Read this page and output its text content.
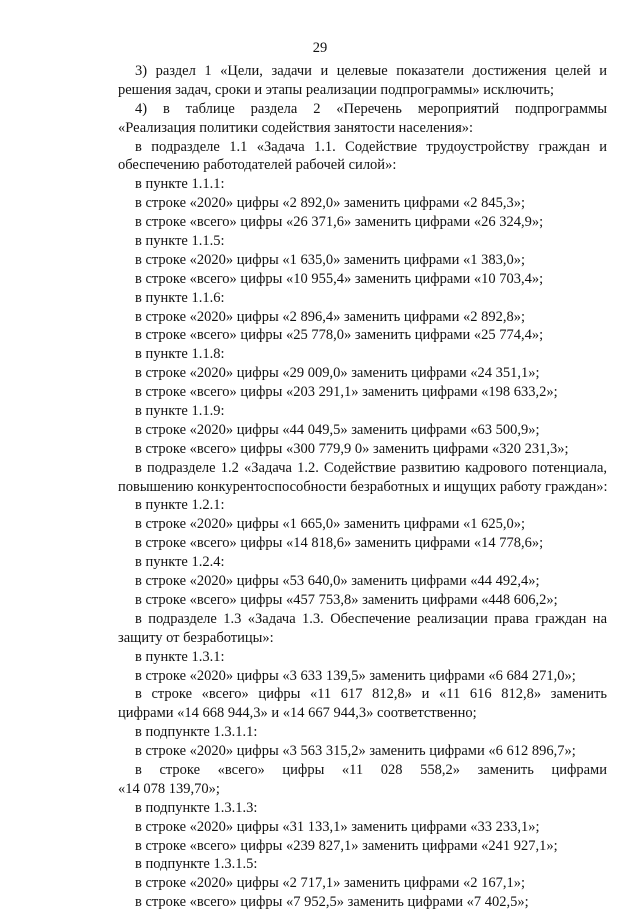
29
3) раздел 1 «Цели, задачи и целевые показатели достижения целей и
решения задач, сроки и этапы реализации подпрограммы» исключить;
4) в таблице раздела 2 «Перечень мероприятий подпрограммы
«Реализация политики содействия занятости населения»:
в подразделе 1.1 «Задача 1.1. Содействие трудоустройству граждан и
обеспечению работодателей рабочей силой»:
в пункте 1.1.1:
в строке «2020» цифры «2 892,0» заменить цифрами «2 845,3»;
в строке «всего» цифры «26 371,6» заменить цифрами «26 324,9»;
в пункте 1.1.5:
в строке «2020» цифры «1 635,0» заменить цифрами «1 383,0»;
в строке «всего» цифры «10 955,4» заменить цифрами «10 703,4»;
в пункте 1.1.6:
в строке «2020» цифры «2 896,4» заменить цифрами «2 892,8»;
в строке «всего» цифры «25 778,0» заменить цифрами «25 774,4»;
в пункте 1.1.8:
в строке «2020» цифры «29 009,0» заменить цифрами «24 351,1»;
в строке «всего» цифры «203 291,1» заменить цифрами «198 633,2»;
в пункте 1.1.9:
в строке «2020» цифры «44 049,5» заменить цифрами «63 500,9»;
в строке «всего» цифры «300 779,9 0» заменить цифрами «320 231,3»;
в подразделе 1.2 «Задача 1.2. Содействие развитию кадрового потенциала,
повышению конкурентоспособности безработных и ищущих работу граждан»:
в пункте 1.2.1:
в строке «2020» цифры «1 665,0» заменить цифрами «1 625,0»;
в строке «всего» цифры «14 818,6» заменить цифрами «14 778,6»;
в пункте 1.2.4:
в строке «2020» цифры «53 640,0» заменить цифрами «44 492,4»;
в строке «всего» цифры «457 753,8» заменить цифрами «448 606,2»;
в подразделе 1.3 «Задача 1.3. Обеспечение реализации права граждан на
защиту от безработицы»:
в пункте 1.3.1:
в строке «2020» цифры «3 633 139,5» заменить цифрами «6 684 271,0»;
в строке «всего» цифры «11 617 812,8» и «11 616 812,8» заменить
цифрами «14 668 944,3» и «14 667 944,3» соответственно;
в подпункте 1.3.1.1:
в строке «2020» цифры «3 563 315,2» заменить цифрами «6 612 896,7»;
в строке «всего» цифры «11 028 558,2» заменить цифрами
«14 078 139,70»;
в подпункте 1.3.1.3:
в строке «2020» цифры «31 133,1» заменить цифрами «33 233,1»;
в строке «всего» цифры «239 827,1» заменить цифрами «241 927,1»;
в подпункте 1.3.1.5:
в строке «2020» цифры «2 717,1» заменить цифрами «2 167,1»;
в строке «всего» цифры «7 952,5» заменить цифрами «7 402,5»;
